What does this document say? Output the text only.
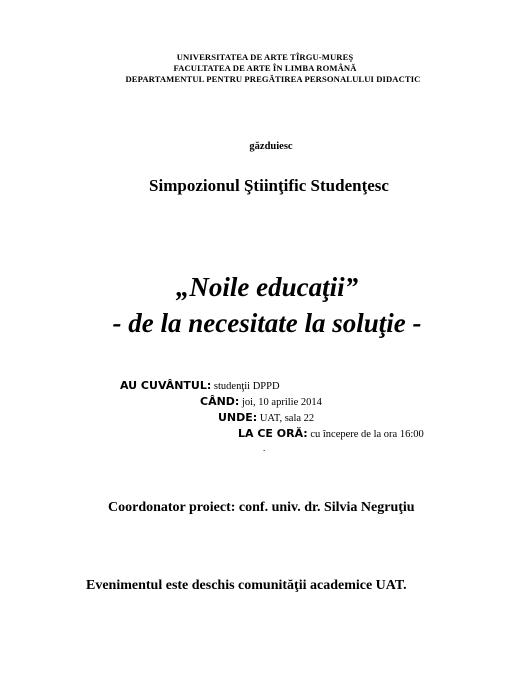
UNIVERSITATEA DE ARTE TÎRGU-MUREŞ
FACULTATEA DE ARTE ÎN LIMBA ROMÂNĂ
DEPARTAMENTUL PENTRU PREGĂTIREA PERSONALULUI DIDACTIC
găzduiesc
Simpozionul Ştiinţific Studenţesc
„Noile educaţii”
- de la necesitate la soluţie -
AU CUVÂNTUL: studenţii DPPD
CÂND: joi, 10 aprilie 2014
UNDE: UAT, sala 22
LA CE ORĂ: cu începere de la ora 16:00
.
Coordonator proiect: conf. univ. dr. Silvia Negruţiu
Evenimentul este deschis comunităţii academice UAT.
